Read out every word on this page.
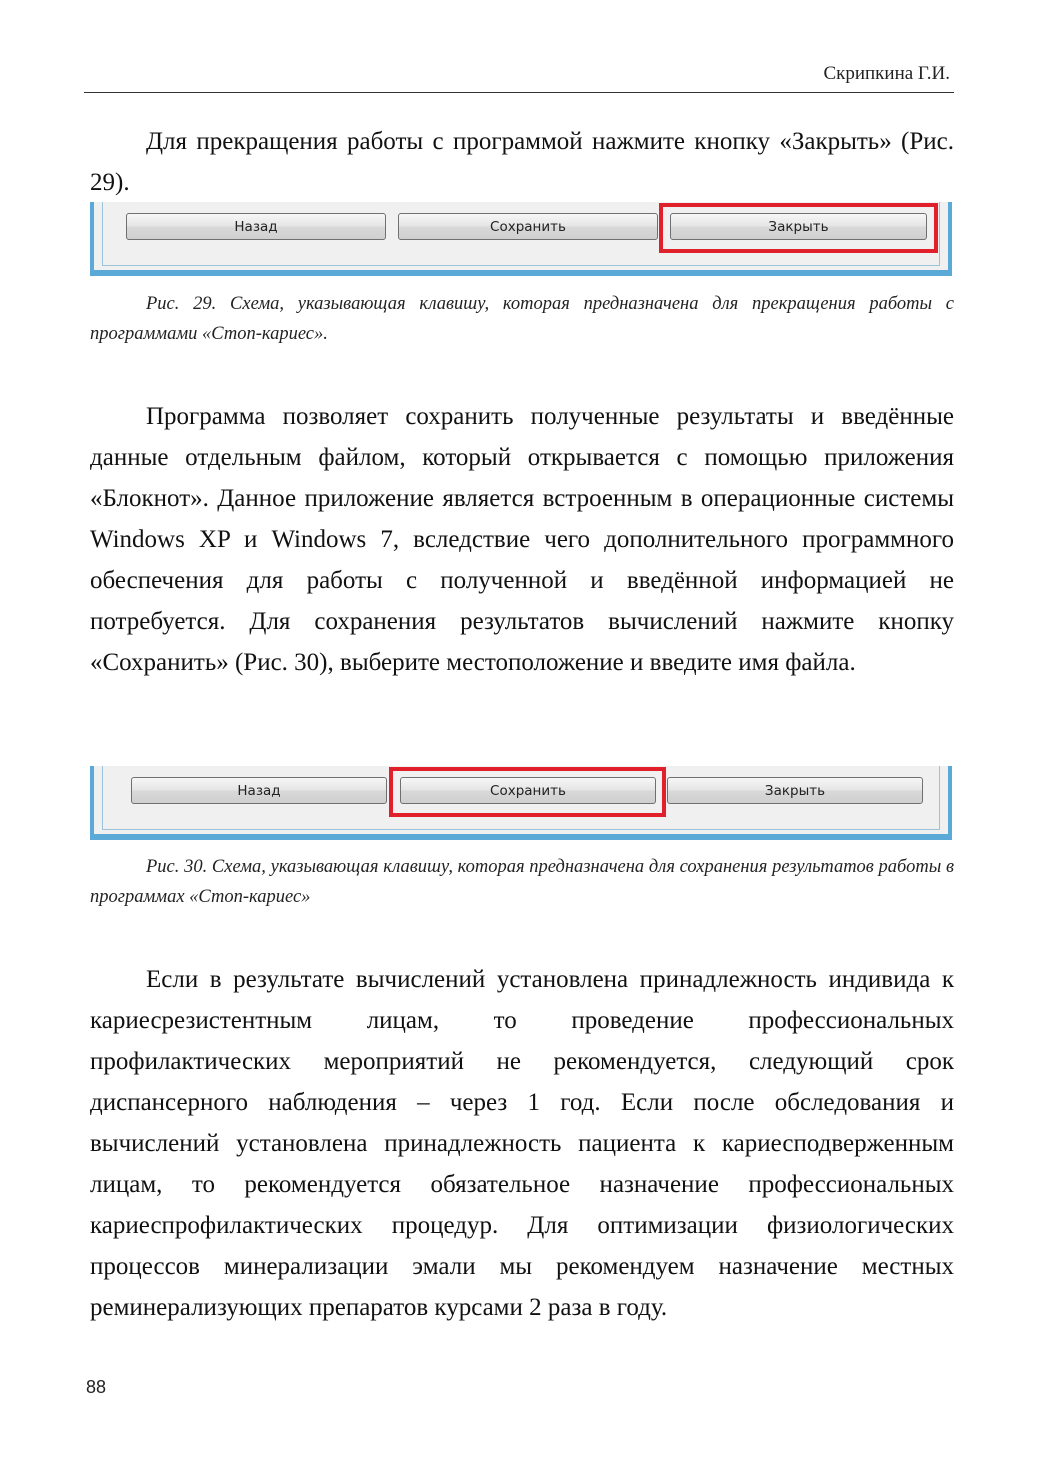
Скрипкина Г.И.

Для прекращения работы с программой нажмите кнопку «Закрыть» (Рис. 29).

Назад	Сохранить	Закрыть

Рис. 29. Схема, указывающая клавишу, которая предназначена для прекращения работы с программами «Стоп-кариес».

Программа позволяет сохранить полученные результаты и введённые данные отдельным файлом, который открывается с помощью приложения «Блокнот». Данное приложение является встроенным в операционные системы Windows XP и Windows 7, вследствие чего дополнительного программного обеспечения для работы с полученной и введённой информацией не потребуется. Для сохранения результатов вычислений нажмите кнопку «Сохранить» (Рис. 30), выберите местоположение и введите имя файла.

Назад	Сохранить	Закрыть

Рис. 30. Схема, указывающая клавишу, которая предназначена для сохранения результатов работы в программах «Стоп-кариес»

Если в результате вычислений установлена принадлежность индивида к кариесрезистентным лицам, то проведение профессиональных профилактических мероприятий не рекомендуется, следующий срок диспансерного наблюдения – через 1 год. Если после обследования и вычислений установлена принадлежность пациента к кариесподверженным лицам, то рекомендуется обязательное назначение профессиональных кариеспрофилактических процедур. Для оптимизации физиологических процессов минерализации эмали мы рекомендуем назначение местных реминерализующих препаратов курсами 2 раза в году.

88
